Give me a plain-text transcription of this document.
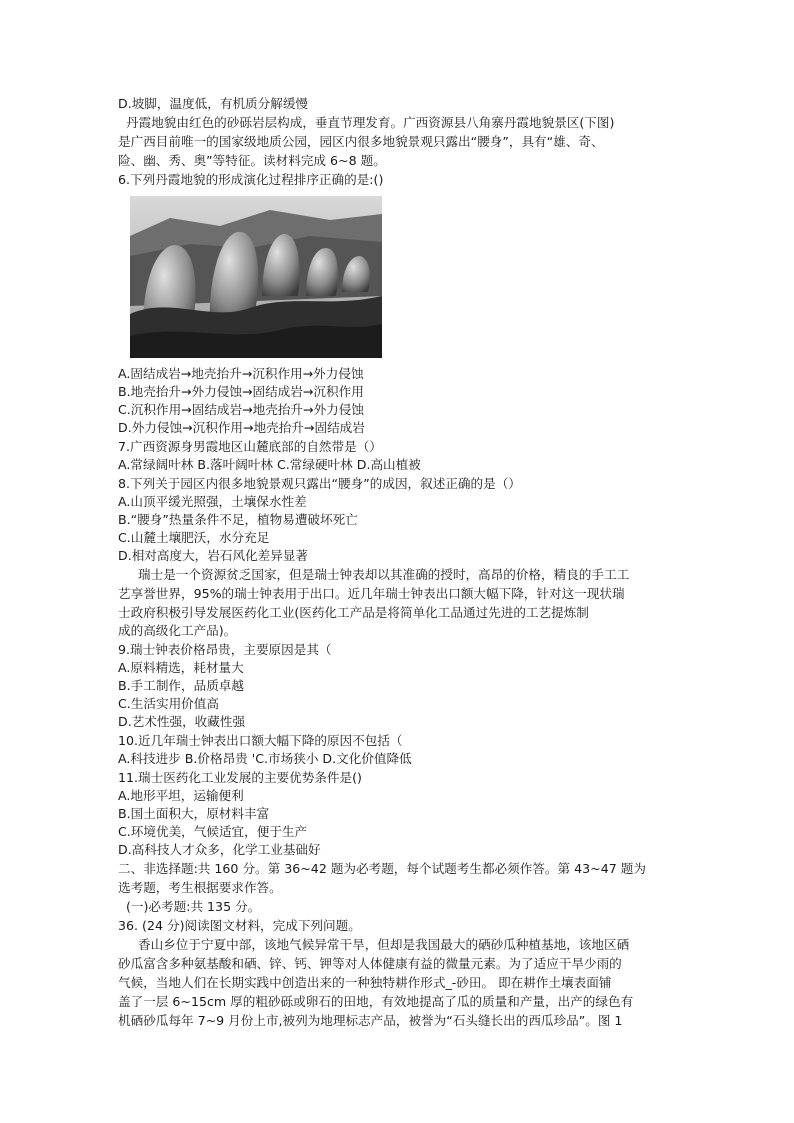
D.坡脚，温度低，有机质分解缓慢
丹霞地貌由红色的砂砾岩层构成，垂直节理发育。广西资源县八角寨丹霞地貌景区(下图)
是广西目前唯一的国家级地质公园，园区内很多地貌景观只露出“腰身”，具有“雄、奇、
险、幽、秀、奥”等特征。读材料完成 6~8 题。
6.下列丹霞地貌的形成演化过程排序正确的是:()
A.固结成岩→地壳抬升→沉积作用→外力侵蚀
B.地壳抬升→外力侵蚀→固结成岩→沉积作用
C.沉积作用→固结成岩→地壳抬升→外力侵蚀
D.外力侵蚀→沉积作用→地壳抬升→固结成岩
7.广西资源身男霞地区山麓底部的自然带是（）
A.常绿阔叶林 B.落叶阔叶林 C.常绿硬叶林 D.高山植被
8.下列关于园区内很多地貌景观只露出“腰身”的成因，叙述正确的是（）
A.山顶平缓光照强，土壤保水性差
B.“腰身”热量条件不足，植物易遭破坏死亡
C.山麓土壤肥沃，水分充足
D.相对高度大，岩石风化差异显著
瑞士是一个资源贫乏国家，但是瑞士钟表却以其准确的授时，高昂的价格，精良的手工工
艺享誉世界，95%的瑞士钟表用于出口。近几年瑞士钟表出口额大幅下降，针对这一现状瑞
士政府积极引导发展医药化工业(医药化工产品是将简单化工品通过先进的工艺提炼制
成的高级化工产品)。
9.瑞士钟表价格昂贵，主要原因是其（
A.原料精选，耗材量大
B.手工制作，品质卓越
C.生活实用价值高
D.艺术性强，收藏性强
10.近几年瑞士钟表出口额大幅下降的原因不包括（
A.科技进步 B.价格昂贵 'C.市场狭小 D.文化价值降低
11.瑞士医药化工业发展的主要优势条件是()
A.地形平坦，运输便利
B.国土面积大，原材料丰富
C.环境优美，气候适宜，便于生产
D.高科技人才众多，化学工业基础好
二、非选择题:共 160 分。第 36~42 题为必考题，每个试题考生都必须作答。第 43~47 题为
选考题，考生根据要求作答。
(一)必考题:共 135 分。
36. (24 分)阅读图文材料，完成下列问题。
香山乡位于宁夏中部，该地气候异常干旱，但却是我国最大的硒砂瓜种植基地，该地区硒
砂瓜富含多种氨基酸和硒、锌、钙、钾等对人体健康有益的微量元素。为了适应干旱少雨的
气候，当地人们在长期实践中创造出来的一种独特耕作形式_-砂田。 即在耕作土壤表面铺
盖了一层 6~15cm 厚的粗砂砾或卵石的田地，有效地提高了瓜的质量和产量，出产的绿色有
机硒砂瓜每年 7~9 月份上市,被列为地理标志产品，被誉为“石头缝长出的西瓜珍品”。图 1
